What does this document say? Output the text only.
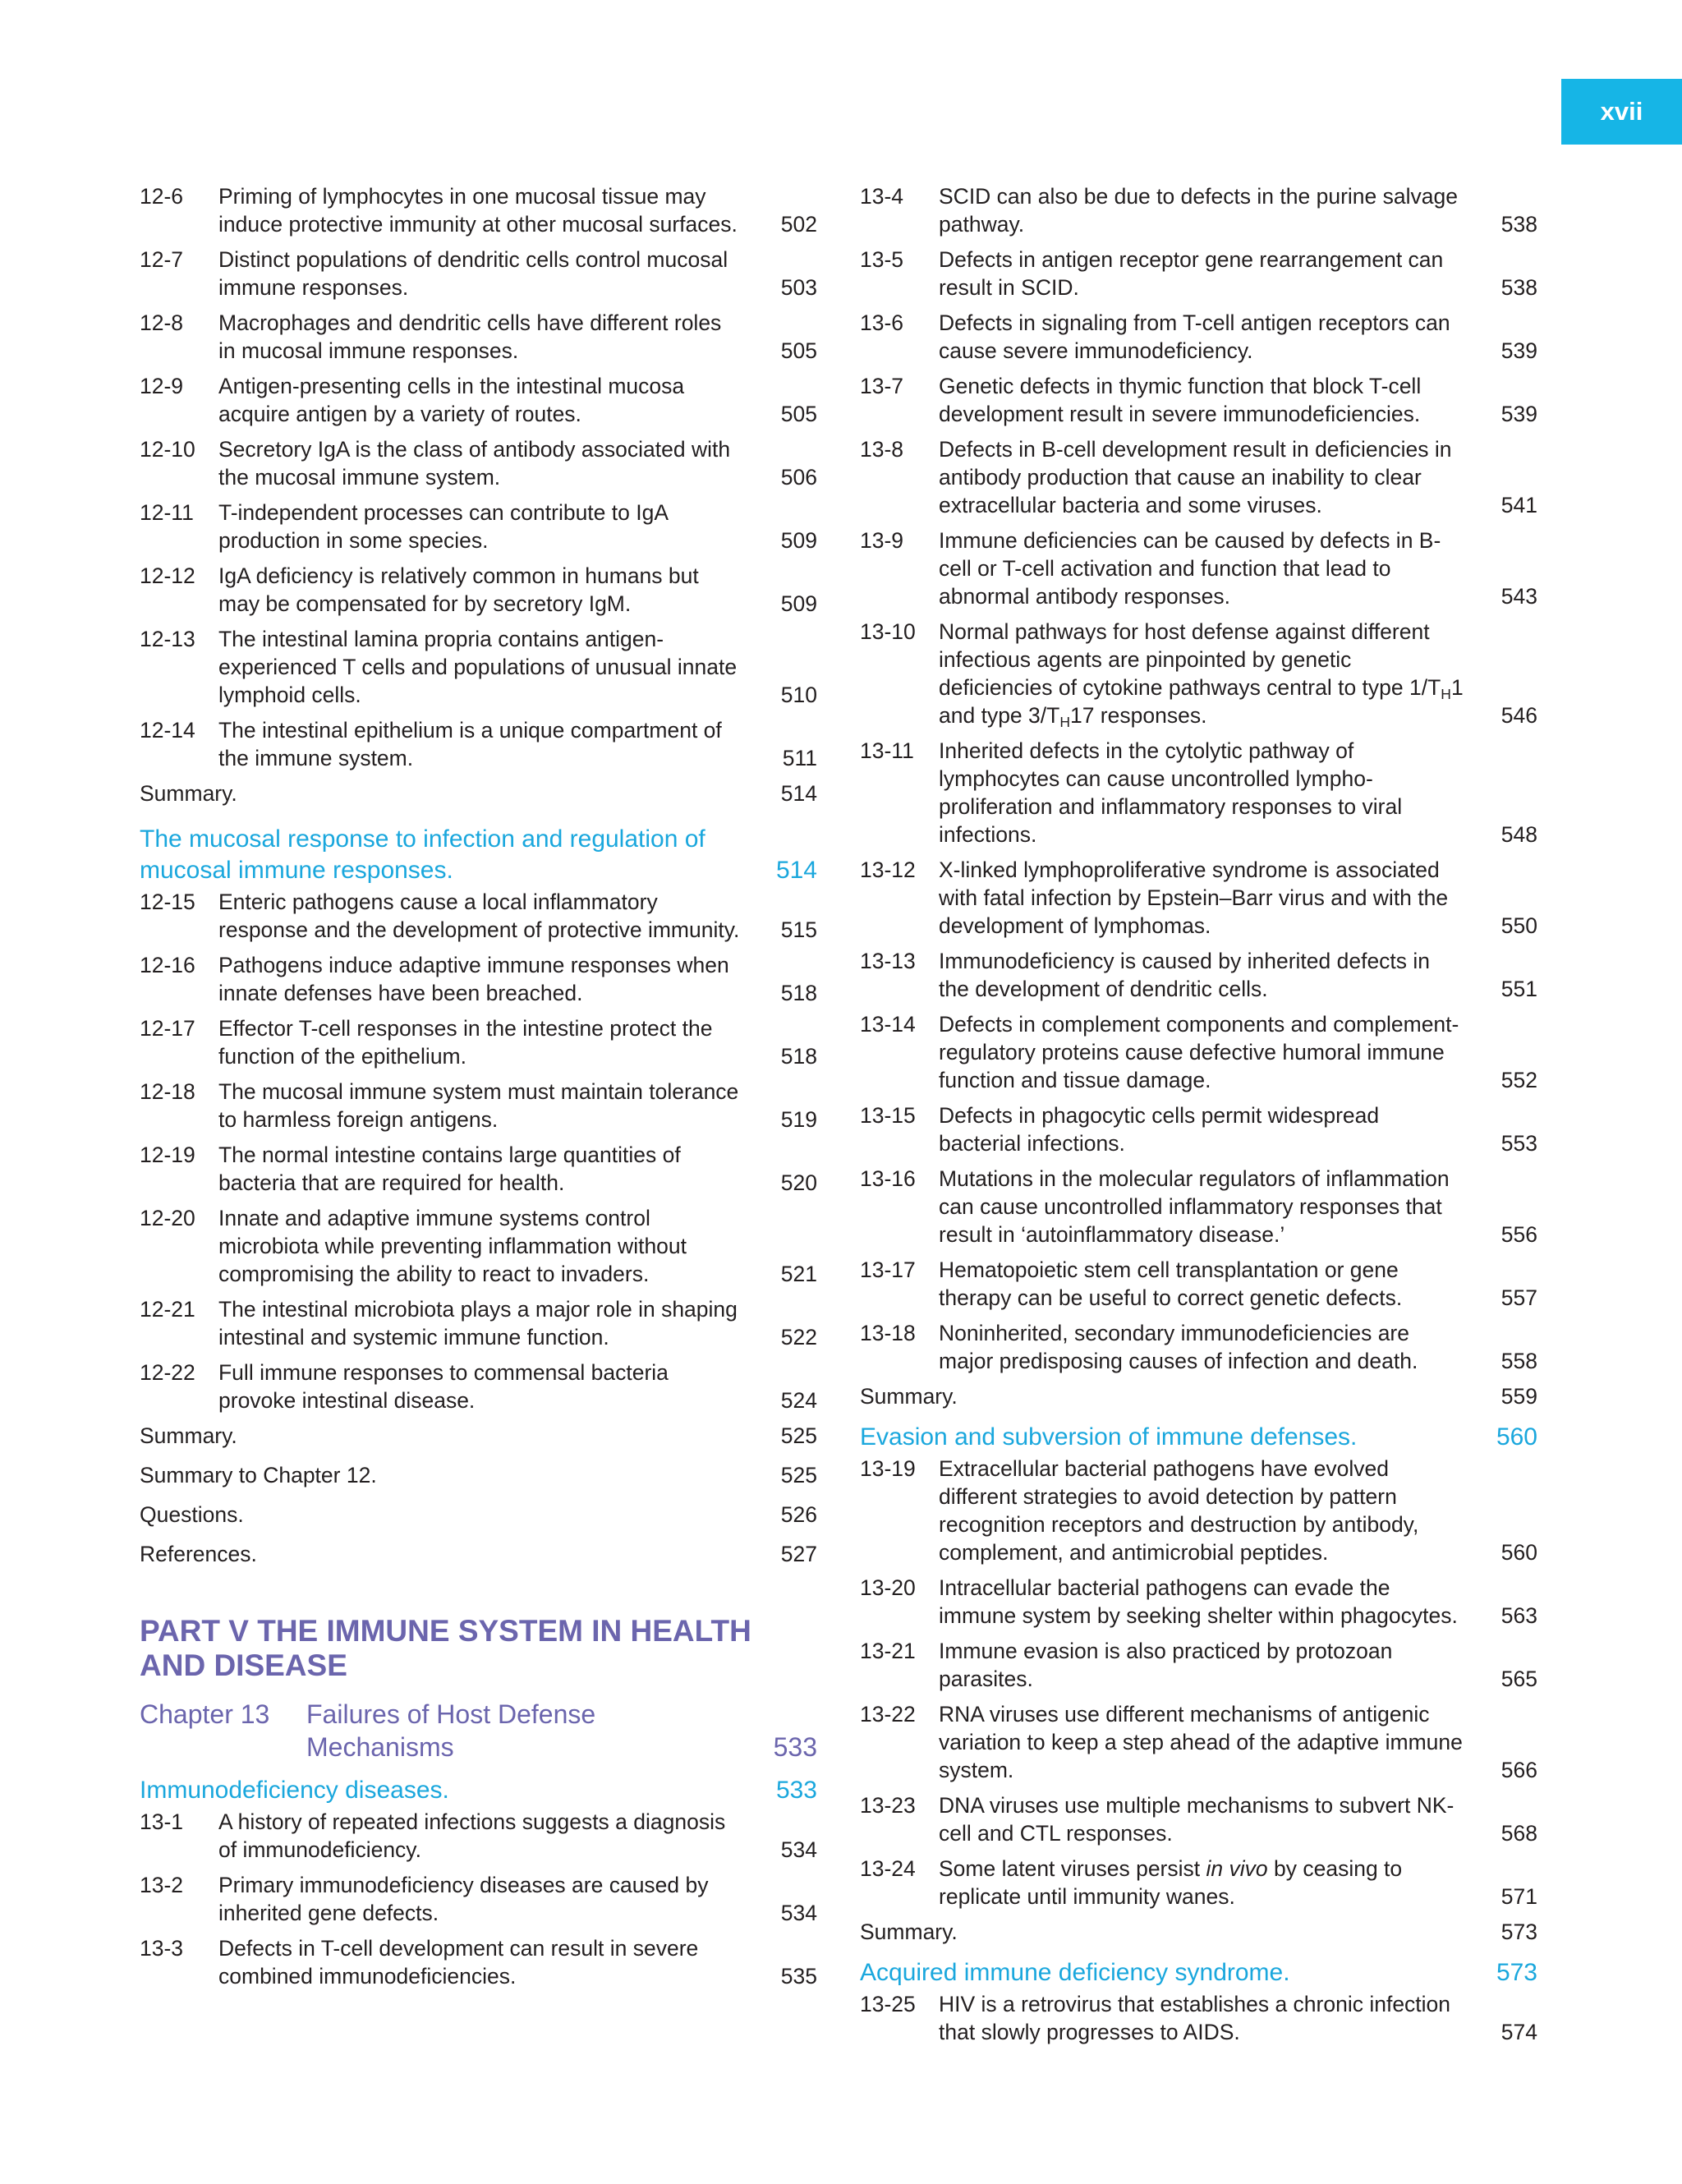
xvii
12-6	Priming of lymphocytes in one mucosal tissue may induce protective immunity at other mucosal surfaces.	502
12-7	Distinct populations of dendritic cells control mucosal immune responses.	503
12-8	Macrophages and dendritic cells have different roles in mucosal immune responses.	505
12-9	Antigen-presenting cells in the intestinal mucosa acquire antigen by a variety of routes.	505
12-10	Secretory IgA is the class of antibody associated with the mucosal immune system.	506
12-11	T-independent processes can contribute to IgA production in some species.	509
12-12	IgA deficiency is relatively common in humans but may be compensated for by secretory IgM.	509
12-13	The intestinal lamina propria contains antigen-experienced T cells and populations of unusual innate lymphoid cells.	510
12-14	The intestinal epithelium is a unique compartment of the immune system.	511
Summary.	514
The mucosal response to infection and regulation of mucosal immune responses.	514
12-15	Enteric pathogens cause a local inflammatory response and the development of protective immunity.	515
12-16	Pathogens induce adaptive immune responses when innate defenses have been breached.	518
12-17	Effector T-cell responses in the intestine protect the function of the epithelium.	518
12-18	The mucosal immune system must maintain tolerance to harmless foreign antigens.	519
12-19	The normal intestine contains large quantities of bacteria that are required for health.	520
12-20	Innate and adaptive immune systems control microbiota while preventing inflammation without compromising the ability to react to invaders.	521
12-21	The intestinal microbiota plays a major role in shaping intestinal and systemic immune function.	522
12-22	Full immune responses to commensal bacteria provoke intestinal disease.	524
Summary.	525
Summary to Chapter 12.	525
Questions.	526
References.	527
PART V THE IMMUNE SYSTEM IN HEALTH AND DISEASE
Chapter 13	Failures of Host Defense Mechanisms	533
Immunodeficiency diseases.	533
13-1	A history of repeated infections suggests a diagnosis of immunodeficiency.	534
13-2	Primary immunodeficiency diseases are caused by inherited gene defects.	534
13-3	Defects in T-cell development can result in severe combined immunodeficiencies.	535
13-4	SCID can also be due to defects in the purine salvage pathway.	538
13-5	Defects in antigen receptor gene rearrangement can result in SCID.	538
13-6	Defects in signaling from T-cell antigen receptors can cause severe immunodeficiency.	539
13-7	Genetic defects in thymic function that block T-cell development result in severe immunodeficiencies.	539
13-8	Defects in B-cell development result in deficiencies in antibody production that cause an inability to clear extracellular bacteria and some viruses.	541
13-9	Immune deficiencies can be caused by defects in B-cell or T-cell activation and function that lead to abnormal antibody responses.	543
13-10	Normal pathways for host defense against different infectious agents are pinpointed by genetic deficiencies of cytokine pathways central to type $1/T_H1$ and type $3/T_H17$ responses.	546
13-11	Inherited defects in the cytolytic pathway of lymphocytes can cause uncontrolled lympho-proliferation and inflammatory responses to viral infections.	548
13-12	X-linked lymphoproliferative syndrome is associated with fatal infection by Epstein–Barr virus and with the development of lymphomas.	550
13-13	Immunodeficiency is caused by inherited defects in the development of dendritic cells.	551
13-14	Defects in complement components and complement-regulatory proteins cause defective humoral immune function and tissue damage.	552
13-15	Defects in phagocytic cells permit widespread bacterial infections.	553
13-16	Mutations in the molecular regulators of inflammation can cause uncontrolled inflammatory responses that result in ‘autoinflammatory disease.’	556
13-17	Hematopoietic stem cell transplantation or gene therapy can be useful to correct genetic defects.	557
13-18	Noninherited, secondary immunodeficiencies are major predisposing causes of infection and death.	558
Summary.	559
Evasion and subversion of immune defenses.	560
13-19	Extracellular bacterial pathogens have evolved different strategies to avoid detection by pattern recognition receptors and destruction by antibody, complement, and antimicrobial peptides.	560
13-20	Intracellular bacterial pathogens can evade the immune system by seeking shelter within phagocytes.	563
13-21	Immune evasion is also practiced by protozoan parasites.	565
13-22	RNA viruses use different mechanisms of antigenic variation to keep a step ahead of the adaptive immune system.	566
13-23	DNA viruses use multiple mechanisms to subvert NK-cell and CTL responses.	568
13-24	Some latent viruses persist in vivo by ceasing to replicate until immunity wanes.	571
Summary.	573
Acquired immune deficiency syndrome.	573
13-25	HIV is a retrovirus that establishes a chronic infection that slowly progresses to AIDS.	574
